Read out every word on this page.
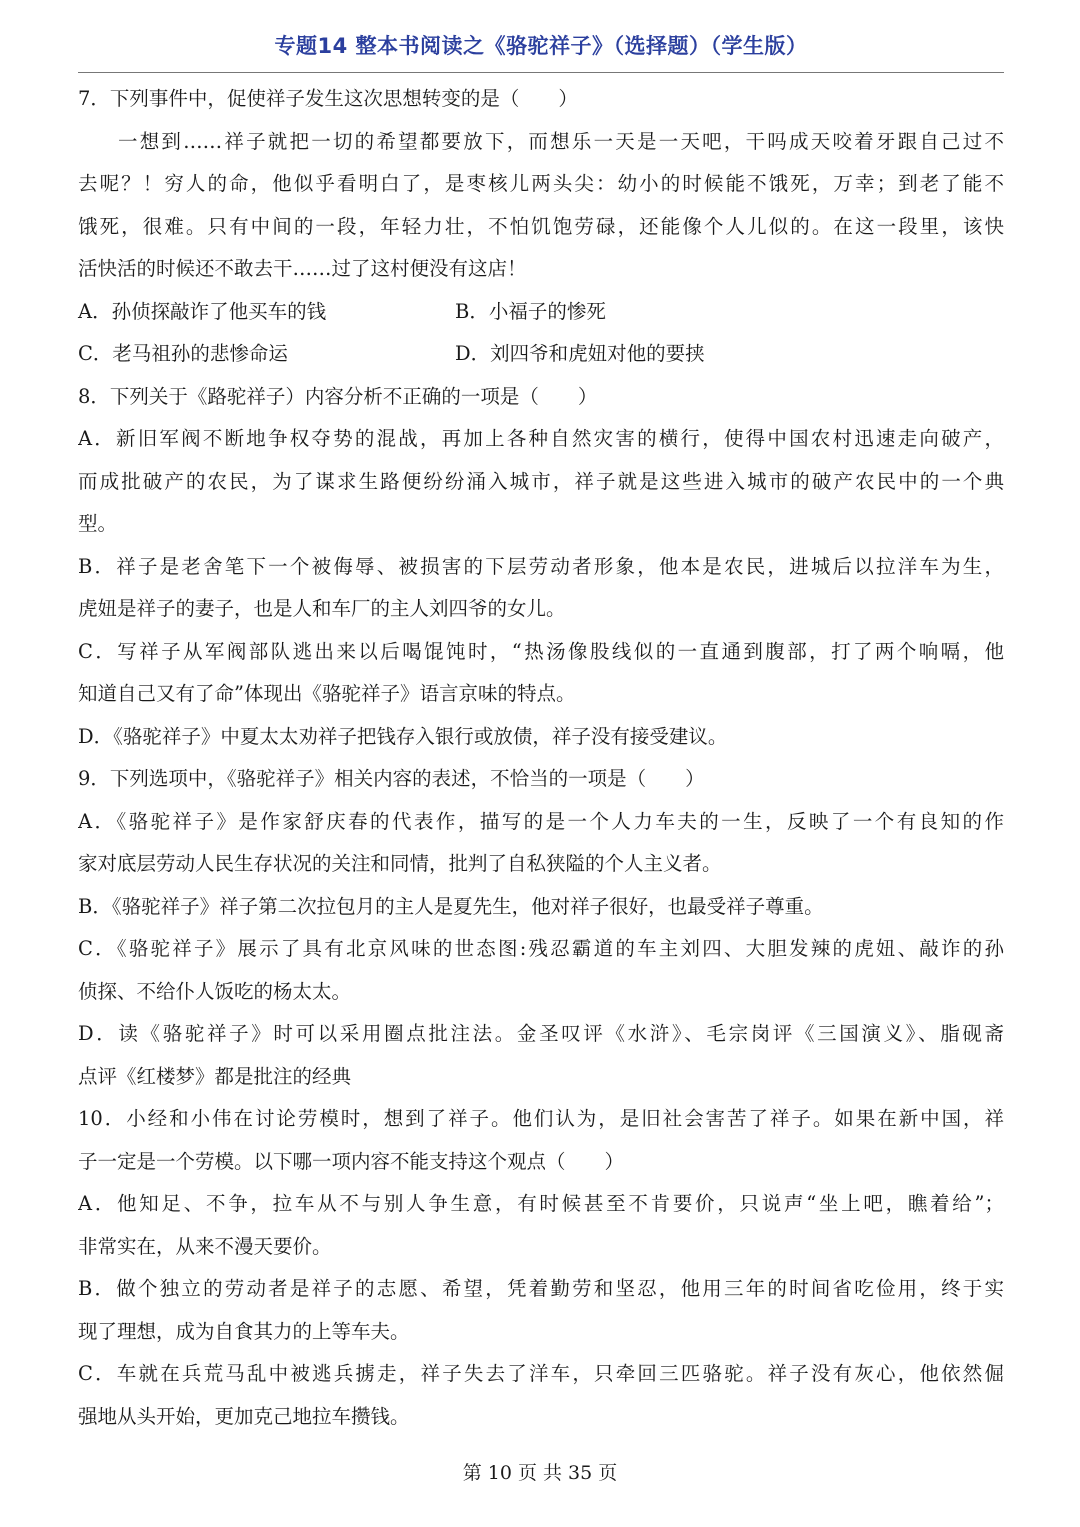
专题14 整本书阅读之《骆驼祥子》（选择题）（学生版）
7．下列事件中，促使祥子发生这次思想转变的是（　　）
一想到……祥子就把一切的希望都要放下，而想乐一天是一天吧，干吗成天咬着牙跟自己过不
去呢？！穷人的命，他似乎看明白了，是枣核儿两头尖：幼小的时候能不饿死，万幸；到老了能不
饿死，很难。只有中间的一段，年轻力壮，不怕饥饱劳碌，还能像个人儿似的。在这一段里，该快
活快活的时候还不敢去干……过了这村便没有这店！
A．孙侦探敲诈了他买车的钱	B．小福子的惨死
C．老马祖孙的悲惨命运	D．刘四爷和虎妞对他的要挟
8．下列关于《路驼祥子）内容分析不正确的一项是（　　）
A．新旧军阀不断地争权夺势的混战，再加上各种自然灾害的横行，使得中国农村迅速走向破产，
而成批破产的农民，为了谋求生路便纷纷涌入城市，祥子就是这些进入城市的破产农民中的一个典
型。
B．祥子是老舍笔下一个被侮辱、被损害的下层劳动者形象，他本是农民，进城后以拉洋车为生，
虎妞是祥子的妻子，也是人和车厂的主人刘四爷的女儿。
C．写祥子从军阀部队逃出来以后喝馄饨时，“热汤像股线似的一直通到腹部，打了两个响嗝，他
知道自己又有了命”体现出《骆驼祥子》语言京味的特点。
D．《骆驼祥子》中夏太太劝祥子把钱存入银行或放债，祥子没有接受建议。
9．下列选项中，《骆驼祥子》相关内容的表述，不恰当的一项是（　　）
A．《骆驼祥子》是作家舒庆春的代表作，描写的是一个人力车夫的一生，反映了一个有良知的作
家对底层劳动人民生存状况的关注和同情，批判了自私狭隘的个人主义者。
B．《骆驼祥子》祥子第二次拉包月的主人是夏先生，他对祥子很好，也最受祥子尊重。
C．《骆驼祥子》展示了具有北京风味的世态图:残忍霸道的车主刘四、大胆发辣的虎妞、敲诈的孙
侦探、不给仆人饭吃的杨太太。
D．读《骆驼祥子》时可以采用圈点批注法。金圣叹评《水浒》、毛宗岗评《三国演义》、脂砚斋
点评《红楼梦》都是批注的经典
10．小经和小伟在讨论劳模时，想到了祥子。他们认为，是旧社会害苦了祥子。如果在新中国，祥
子一定是一个劳模。以下哪一项内容不能支持这个观点（　　）
A．他知足、不争，拉车从不与别人争生意，有时候甚至不肯要价，只说声“坐上吧，瞧着给”；
非常实在，从来不漫天要价。
B．做个独立的劳动者是祥子的志愿、希望，凭着勤劳和坚忍，他用三年的时间省吃俭用，终于实
现了理想，成为自食其力的上等车夫。
C．车就在兵荒马乱中被逃兵掳走，祥子失去了洋车，只牵回三匹骆驼。祥子没有灰心，他依然倔
强地从头开始，更加克己地拉车攒钱。
第 10 页 共 35 页
